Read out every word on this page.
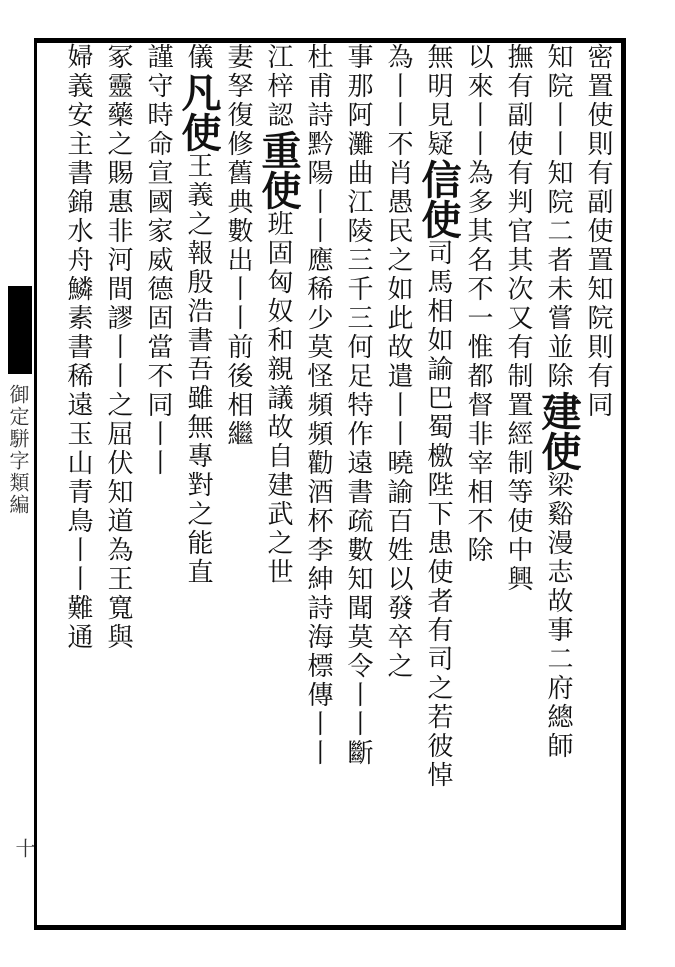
御定駢字類編
十
密置使則有副使置知院則有同
知院丨丨知院二者未嘗並除建使梁谿漫志故事二府總師
撫有副使有判官其次又有制置經制等使中興
以來丨丨為多其名不一惟都督非宰相不除
無明見疑信使司馬相如諭巴蜀檄陛下患使者有司之若彼悼
為丨丨不肖愚民之如此故遣丨丨曉諭百姓以發卒之
事那阿灘曲江陵三千三何足特作遠書疏數知聞莫令丨丨斷
杜甫詩黔陽丨丨應稀少莫怪頻頻勸酒杯李紳詩海標傳丨丨
江梓認重使班固匈奴和親議故自建武之世
妻孥復修舊典數出丨丨前後相繼
儀凡使王義之報殷浩書吾雖無專對之能直
謹守時命宣國家威德固當不同丨丨
冢靈藥之賜惠非河間謬丨丨之屈伏知道為王寬與
婦義安主書錦水舟鱗素書稀遠玉山青鳥丨丨難通
